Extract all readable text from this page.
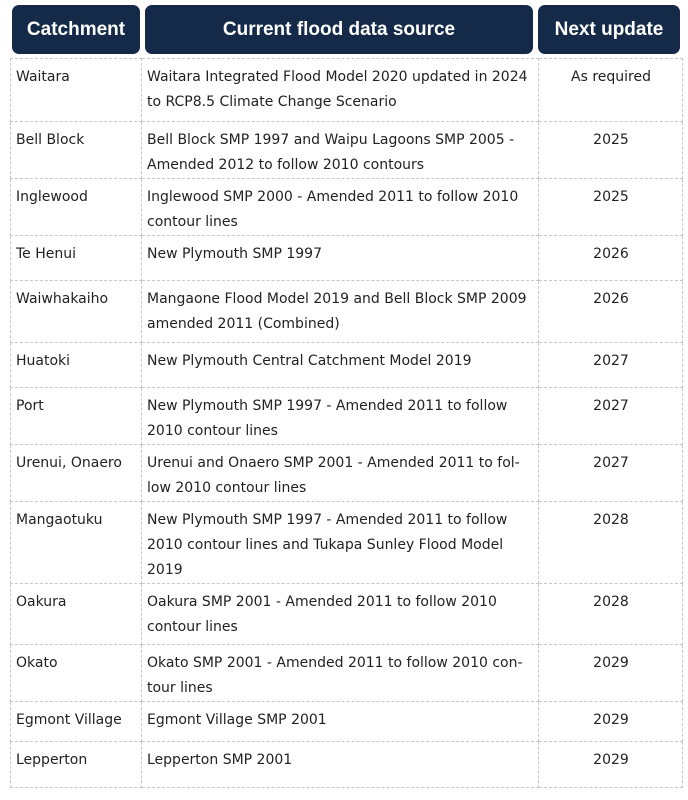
Catchment	Current flood data source	Next update
Waitara	Waitara Integrated Flood Model 2020 updated in 2024 to RCP8.5 Climate Change Scenario	As required
Bell Block	Bell Block SMP 1997 and Waipu Lagoons SMP 2005 - Amended 2012 to follow 2010 contours	2025
Inglewood	Inglewood SMP 2000 - Amended 2011 to follow 2010 contour lines	2025
Te Henui	New Plymouth SMP 1997	2026
Waiwhakaiho	Mangaone Flood Model 2019 and Bell Block SMP 2009 amended 2011 (Combined)	2026
Huatoki	New Plymouth Central Catchment Model 2019	2027
Port	New Plymouth SMP 1997 - Amended 2011 to follow 2010 contour lines	2027
Urenui, Onaero	Urenui and Onaero SMP 2001 - Amended 2011 to fol-low 2010 contour lines	2027
Mangaotuku	New Plymouth SMP 1997 - Amended 2011 to follow 2010 contour lines and Tukapa Sunley Flood Model 2019	2028
Oakura	Oakura SMP 2001 - Amended 2011 to follow 2010 contour lines	2028
Okato	Okato SMP 2001 - Amended 2011 to follow 2010 con-tour lines	2029
Egmont Village	Egmont Village SMP 2001	2029
Lepperton	Lepperton SMP 2001	2029
